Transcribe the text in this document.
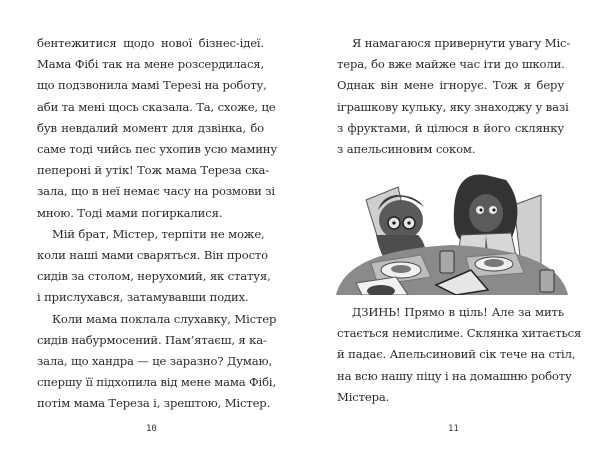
бентежитися щодо нової бізнес-ідеї.
Мама Фібі так на мене розсердилася,
що подзвонила мамі Терезі на роботу,
аби та мені щось сказала. Та, схоже, це
був невдалий момент для дзвінка, бо
саме тоді чийсь пес ухопив усю мамину
пепероні й утік! Тож мама Тереза ска-
зала, що в неї немає часу на розмови зі
мною. Тоді мами погиркалися.

Мій брат, Містер, терпіти не може,
коли наші мами сваряться. Він просто
сидів за столом, нерухомий, як статуя,
і прислухався, затамувавши подих.

Коли мама поклала слухавку, Містер
сидів набурмосений. Пам’ятаєш, я ка-
зала, що хандра — це заразно? Думаю,
спершу її підхопила від мене мама Фібі,
потім мама Тереза і, зрештою, Містер.

10

Я намагаюся привернути увагу Міс-
тера, бо вже майже час іти до школи.
Однак він мене ігнорує. Тож я беру
іграшкову кульку, яку знаходжу у вазі
з фруктами, й цілюся в його склянку
з апельсиновим соком.

ДЗИНЬ! Прямо в ціль! Але за мить
стається немислиме. Склянка хитається
й падає. Апельсиновий сік тече на стіл,
на всю нашу піцу і на домашню роботу
Містера.

11
